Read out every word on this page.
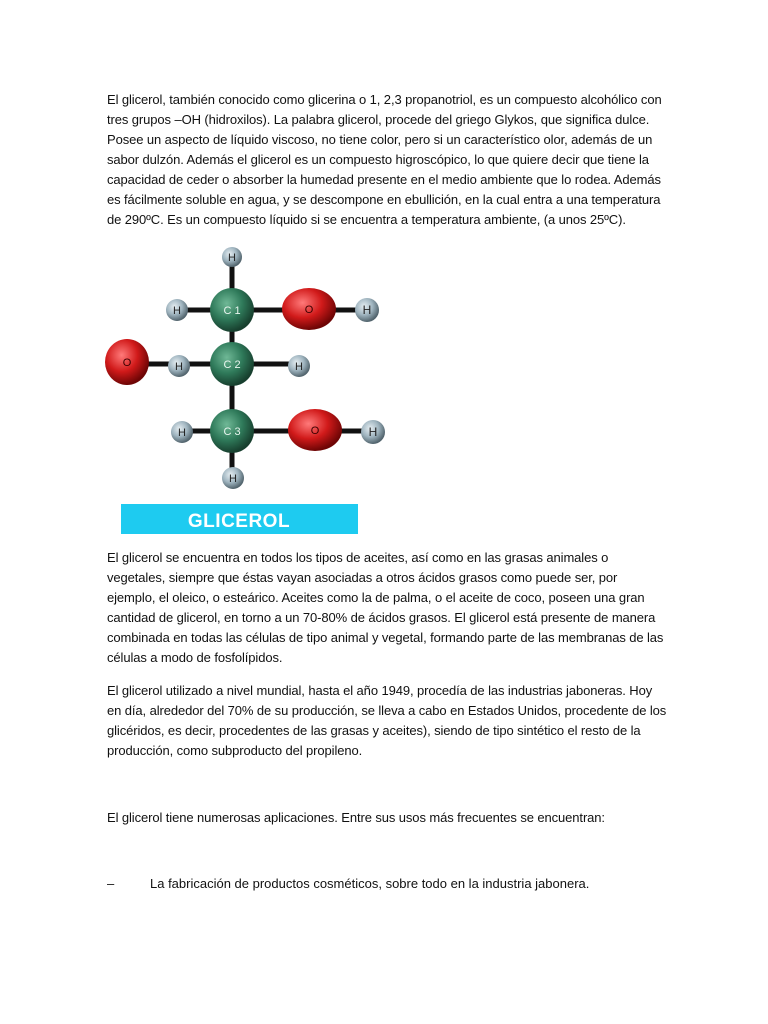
El glicerol, también conocido como glicerina o 1, 2,3 propanotriol, es un compuesto alcohólico con tres grupos –OH (hidroxilos). La palabra glicerol, procede del griego Glykos, que significa dulce. Posee un aspecto de líquido viscoso, no tiene color, pero si un característico olor, además de un sabor dulzón. Además el glicerol es un compuesto higroscópico, lo que quiere decir que tiene la capacidad de ceder o absorber la humedad presente en el medio ambiente que lo rodea. Además es fácilmente soluble en agua, y se descompone en ebullición, en la cual entra a una temperatura de 290ºC. Es un compuesto líquido si se encuentra a temperatura ambiente, (a unos 25ºC).

H
H	H
H	H
H	H
H
O
O
O
C 1
C 2
C 3
GLICEROL

El glicerol se encuentra en todos los tipos de aceites, así como en las grasas animales o vegetales, siempre que éstas vayan asociadas a otros ácidos grasos como puede ser, por ejemplo, el oleico, o esteárico. Aceites como la de palma, o el aceite de coco, poseen una gran cantidad de glicerol, en torno a un 70-80% de ácidos grasos. El glicerol está presente de manera combinada en todas las células de tipo animal y vegetal, formando parte de las membranas de las células a modo de fosfolípidos.

El glicerol utilizado a nivel mundial, hasta el año 1949, procedía de las industrias jaboneras. Hoy en día, alrededor del 70% de su producción, se lleva a cabo en Estados Unidos, procedente de los glicéridos, es decir, procedentes de las grasas y aceites), siendo de tipo sintético el resto de la producción, como subproducto del propileno.

El glicerol tiene numerosas aplicaciones. Entre sus usos más frecuentes se encuentran:

–	La fabricación de productos cosméticos, sobre todo en la industria jabonera.
